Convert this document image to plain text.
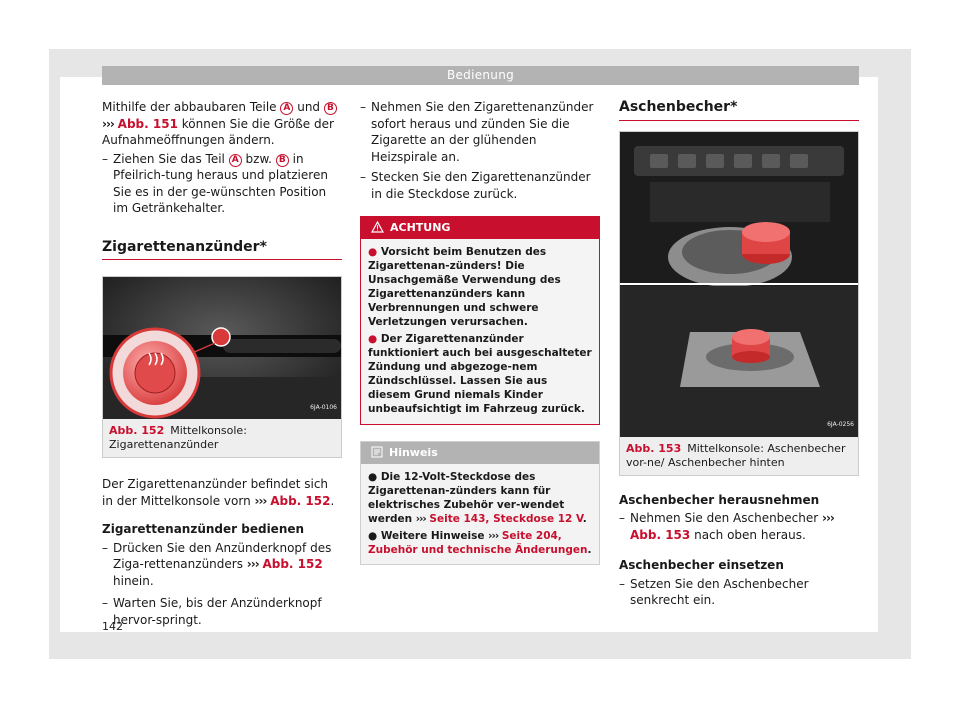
Bedienung

Mithilfe der abbaubaren Teile A und B
››› Abb. 151 können Sie die Größe der Aufnahmeöffnungen ändern.

– Ziehen Sie das Teil A bzw. B in Pfeilrich-tung heraus und platzieren Sie es in der ge-wünschten Position im Getränkehalter.
Zigarettenanzünder*
6JA-0106
Abb. 152 Mittelkonsole: Zigarettenanzünder

Der Zigarettenanzünder befindet sich in der Mittelkonsole vorn ››› Abb. 152.

Zigarettenanzünder bedienen

– Drücken Sie den Anzünderknopf des Ziga-rettenanzünders ››› Abb. 152 hinein.
– Warten Sie, bis der Anzünderknopf hervor-springt.
– Nehmen Sie den Zigarettenanzünder sofort heraus und zünden Sie die Zigarette an der glühenden Heizspirale an.
– Stecken Sie den Zigarettenanzünder in die Steckdose zurück.
ACHTUNG

● Vorsicht beim Benutzen des Zigarettenan-zünders! Die Unsachgemäße Verwendung des Zigarettenanzünders kann Verbrennungen und schwere Verletzungen verursachen.

● Der Zigarettenanzünder funktioniert auch bei ausgeschalteter Zündung und abgezoge-nem Zündschlüssel. Lassen Sie aus diesem Grund niemals Kinder unbeaufsichtigt im Fahrzeug zurück.

Hinweis

● Die 12-Volt-Steckdose des Zigarettenan-zünders kann für elektrisches Zubehör ver-wendet werden ››› Seite 143, Steckdose 12 V.

● Weitere Hinweise ››› Seite 204, Zubehör und technische Änderungen.

Aschenbecher*
6JA-0256
Abb. 153 Mittelkonsole: Aschenbecher vor-ne/ Aschenbecher hinten

Aschenbecher herausnehmen

– Nehmen Sie den Aschenbecher ››› Abb. 153 nach oben heraus.

Aschenbecher einsetzen

– Setzen Sie den Aschenbecher senkrecht ein.
142
